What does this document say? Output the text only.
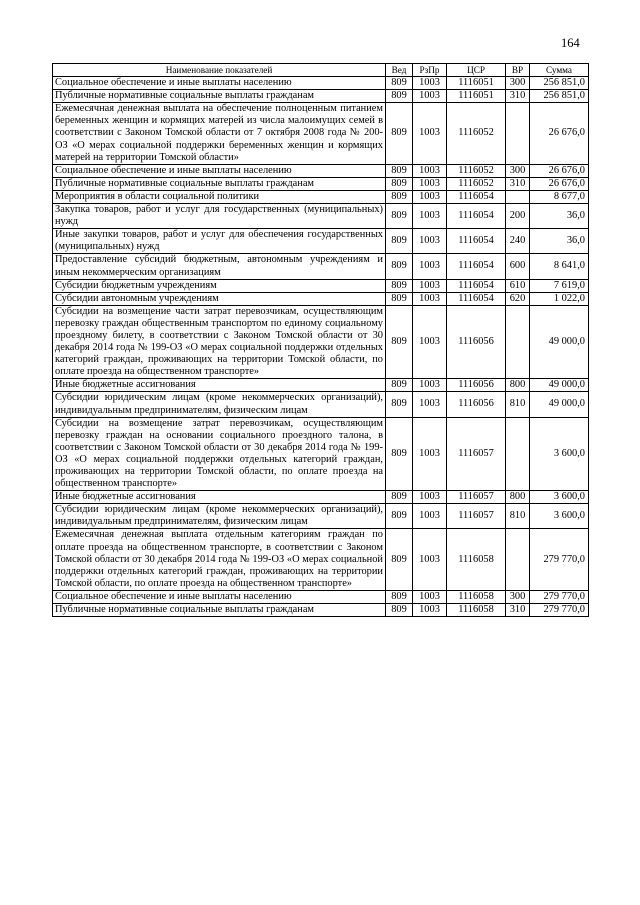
164
Наименование показателей	Вед	РзПр	ЦСР	ВР	Сумма
Социальное обеспечение и иные выплаты населению	809	1003	1116051	300	256 851,0
Публичные нормативные социальные выплаты гражданам	809	1003	1116051	310	256 851,0
Ежемесячная денежная выплата на обеспечение полноценным питанием беременных женщин и кормящих матерей из числа малоимущих семей в соответствии с Законом Томской области от 7 октября 2008 года № 200-ОЗ «О мерах социальной поддержки беременных женщин и кормящих матерей на территории Томской области»	809	1003	1116052		26 676,0
Социальное обеспечение и иные выплаты населению	809	1003	1116052	300	26 676,0
Публичные нормативные социальные выплаты гражданам	809	1003	1116052	310	26 676,0
Мероприятия в области социальной политики	809	1003	1116054		8 677,0
Закупка товаров, работ и услуг для государственных (муниципальных) нужд	809	1003	1116054	200	36,0
Иные закупки товаров, работ и услуг для обеспечения государственных (муниципальных) нужд	809	1003	1116054	240	36,0
Предоставление субсидий бюджетным, автономным учреждениям и иным некоммерческим организациям	809	1003	1116054	600	8 641,0
Субсидии бюджетным учреждениям	809	1003	1116054	610	7 619,0
Субсидии автономным учреждениям	809	1003	1116054	620	1 022,0
Субсидии на возмещение части затрат перевозчикам, осуществляющим перевозку граждан общественным транспортом по единому социальному проездному билету, в соответствии с Законом Томской области от 30 декабря 2014 года № 199-ОЗ «О мерах социальной поддержки отдельных категорий граждан, проживающих на территории Томской области, по оплате проезда на общественном транспорте»	809	1003	1116056		49 000,0
Иные бюджетные ассигнования	809	1003	1116056	800	49 000,0
Субсидии юридическим лицам (кроме некоммерческих организаций), индивидуальным предпринимателям, физическим лицам	809	1003	1116056	810	49 000,0
Субсидии на возмещение затрат перевозчикам, осуществляющим перевозку граждан на основании социального проездного талона, в соответствии с Законом Томской области от 30 декабря 2014 года № 199-ОЗ «О мерах социальной поддержки отдельных категорий граждан, проживающих на территории Томской области, по оплате проезда на общественном транспорте»	809	1003	1116057		3 600,0
Иные бюджетные ассигнования	809	1003	1116057	800	3 600,0
Субсидии юридическим лицам (кроме некоммерческих организаций), индивидуальным предпринимателям, физическим лицам	809	1003	1116057	810	3 600,0
Ежемесячная денежная выплата отдельным категориям граждан по оплате проезда на общественном транспорте, в соответствии с Законом Томской области от 30 декабря 2014 года № 199-ОЗ «О мерах социальной поддержки отдельных категорий граждан, проживающих на территории Томской области, по оплате проезда на общественном транспорте»	809	1003	1116058		279 770,0
Социальное обеспечение и иные выплаты населению	809	1003	1116058	300	279 770,0
Публичные нормативные социальные выплаты гражданам	809	1003	1116058	310	279 770,0
